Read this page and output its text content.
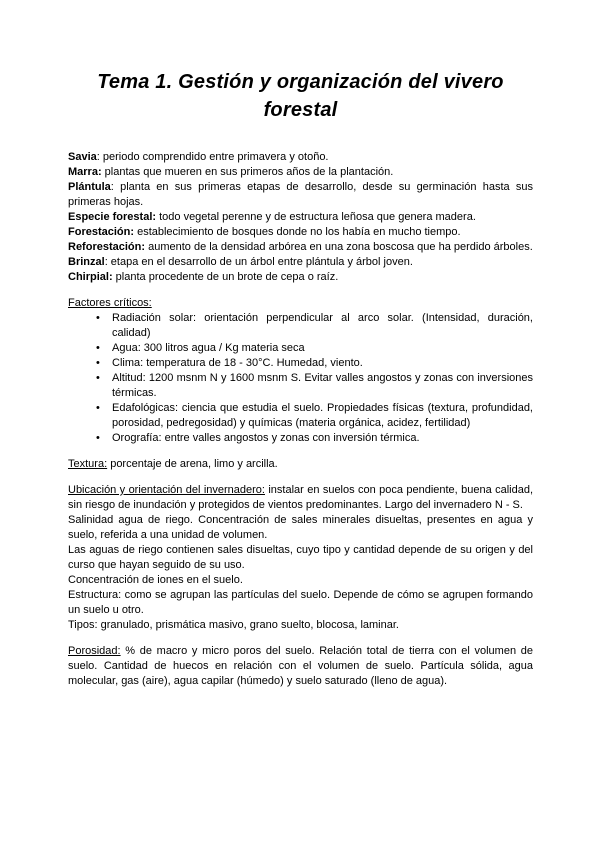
Tema 1. Gestión y organización del vivero
forestal

Savia: periodo comprendido entre primavera y otoño.

Marra: plantas que mueren en sus primeros años de la plantación.

Plántula: planta en sus primeras etapas de desarrollo, desde su germinación hasta sus primeras hojas.

Especie forestal: todo vegetal perenne y de estructura leñosa que genera madera.

Forestación: establecimiento de bosques donde no los había en mucho tiempo.

Reforestación: aumento de la densidad arbórea en una zona boscosa que ha perdido árboles.

Brinzal: etapa en el desarrollo de un árbol entre plántula y árbol joven.

Chirpial: planta procedente de un brote de cepa o raíz.

Factores críticos:

• Radiación solar: orientación perpendicular al arco solar. (Intensidad, duración, calidad)
• Agua: 300 litros agua / Kg materia seca
• Clima: temperatura de 18 - 30°C. Humedad, viento.
• Altitud: 1200 msnm N y 1600 msnm S. Evitar valles angostos y zonas con inversiones térmicas.
• Edafológicas: ciencia que estudia el suelo. Propiedades físicas (textura, profundidad, porosidad, pedregosidad) y químicas (materia orgánica, acidez, fertilidad)
• Orografía: entre valles angostos y zonas con inversión térmica.

Textura: porcentaje de arena, limo y arcilla.

Ubicación y orientación del invernadero: instalar en suelos con poca pendiente, buena calidad, sin riesgo de inundación y protegidos de vientos predominantes. Largo del invernadero N - S.

Salinidad agua de riego. Concentración de sales minerales disueltas, presentes en agua y suelo, referida a una unidad de volumen.

Las aguas de riego contienen sales disueltas, cuyo tipo y cantidad depende de su origen y del curso que hayan seguido de su uso.

Concentración de iones en el suelo.

Estructura: como se agrupan las partículas del suelo. Depende de cómo se agrupen formando un suelo u otro.

Tipos: granulado, prismática masivo, grano suelto, blocosa, laminar.

Porosidad: % de macro y micro poros del suelo. Relación total de tierra con el volumen de suelo. Cantidad de huecos en relación con el volumen de suelo. Partícula sólida, agua molecular, gas (aire), agua capilar (húmedo) y suelo saturado (lleno de agua).
